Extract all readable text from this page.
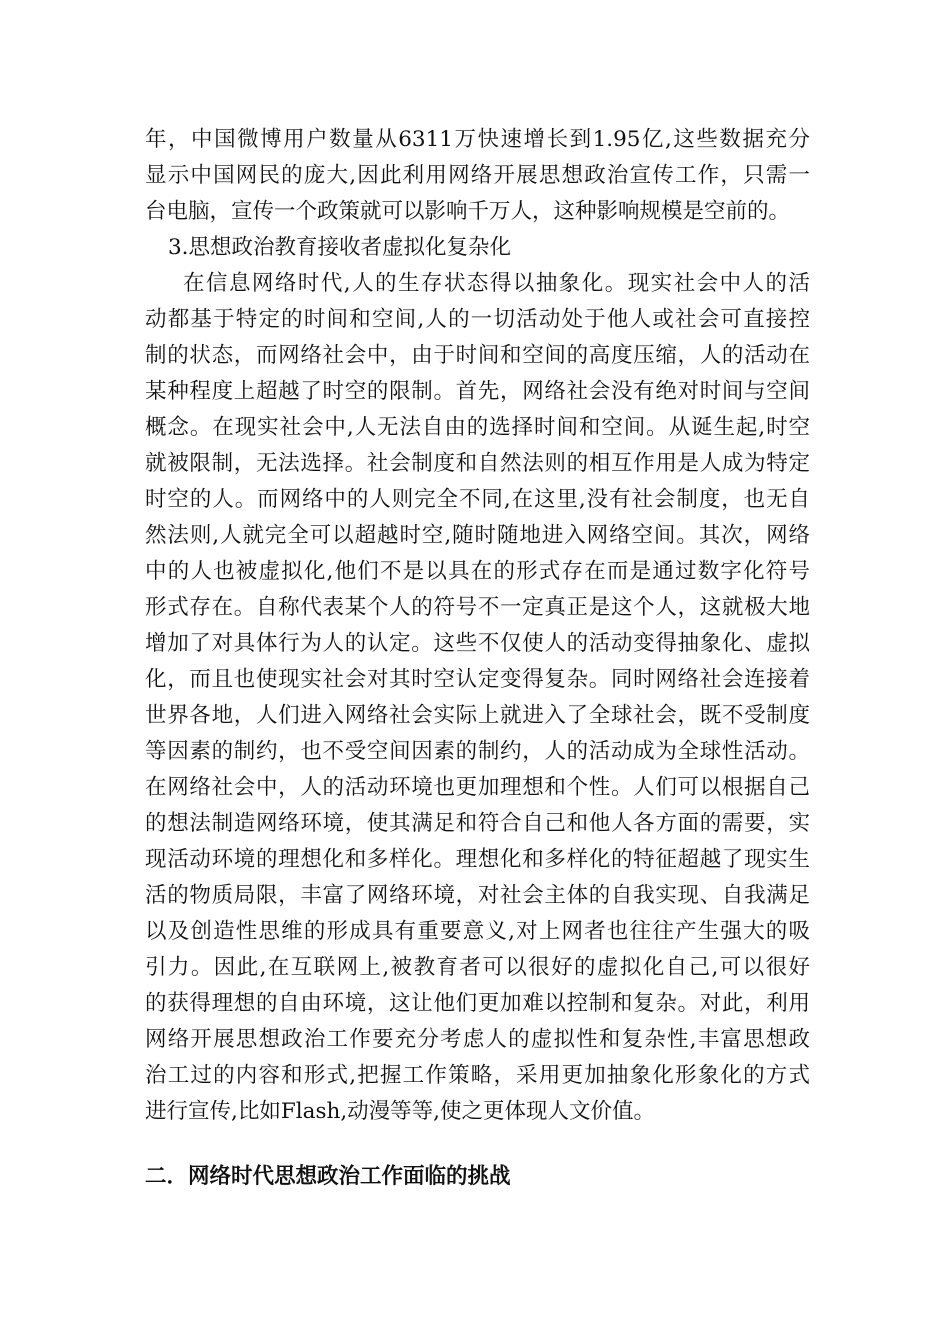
年，中国微博用户数量从6311万快速增长到1.95亿,这些数据充分
显示中国网民的庞大,因此利用网络开展思想政治宣传工作，只需一
台电脑，宣传一个政策就可以影响千万人，这种影响规模是空前的。
3.思想政治教育接收者虚拟化复杂化
在信息网络时代,人的生存状态得以抽象化。现实社会中人的活
动都基于特定的时间和空间,人的一切活动处于他人或社会可直接控
制的状态，而网络社会中，由于时间和空间的高度压缩，人的活动在
某种程度上超越了时空的限制。首先，网络社会没有绝对时间与空间
概念。在现实社会中,人无法自由的选择时间和空间。从诞生起,时空
就被限制，无法选择。社会制度和自然法则的相互作用是人成为特定
时空的人。而网络中的人则完全不同,在这里,没有社会制度，也无自
然法则,人就完全可以超越时空,随时随地进入网络空间。其次，网络
中的人也被虚拟化,他们不是以具在的形式存在而是通过数字化符号
形式存在。自称代表某个人的符号不一定真正是这个人，这就极大地
增加了对具体行为人的认定。这些不仅使人的活动变得抽象化、虚拟
化，而且也使现实社会对其时空认定变得复杂。同时网络社会连接着
世界各地，人们进入网络社会实际上就进入了全球社会，既不受制度
等因素的制约，也不受空间因素的制约，人的活动成为全球性活动。
在网络社会中，人的活动环境也更加理想和个性。人们可以根据自己
的想法制造网络环境，使其满足和符合自己和他人各方面的需要，实
现活动环境的理想化和多样化。理想化和多样化的特征超越了现实生
活的物质局限，丰富了网络环境，对社会主体的自我实现、自我满足
以及创造性思维的形成具有重要意义,对上网者也往往产生强大的吸
引力。因此,在互联网上,被教育者可以很好的虚拟化自己,可以很好
的获得理想的自由环境，这让他们更加难以控制和复杂。对此，利用
网络开展思想政治工作要充分考虑人的虚拟性和复杂性,丰富思想政
治工过的内容和形式,把握工作策略，采用更加抽象化形象化的方式
进行宣传,比如Flash,动漫等等,使之更体现人文价值。
二．网络时代思想政治工作面临的挑战
